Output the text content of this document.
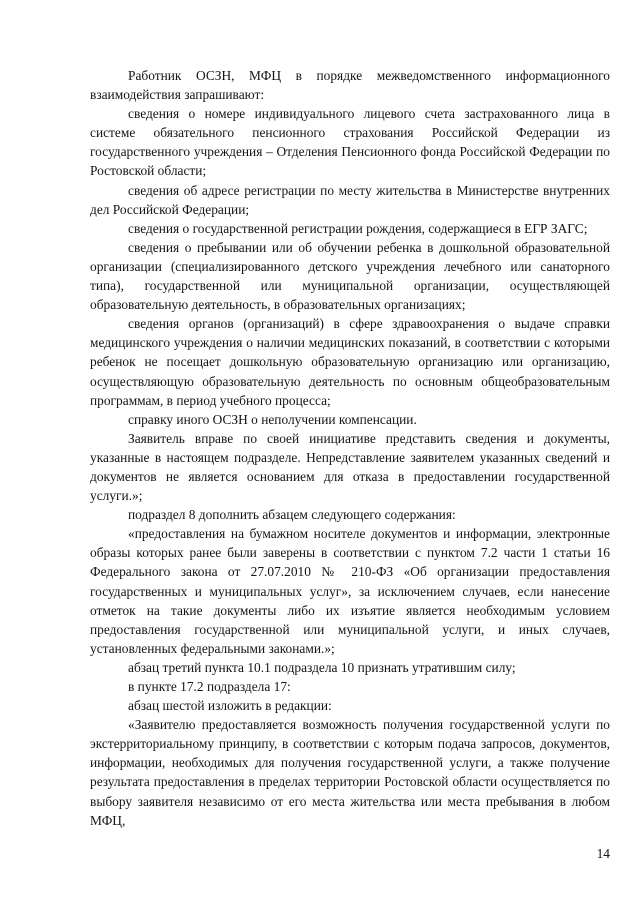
Работник ОСЗН, МФЦ в порядке межведомственного информационного взаимодействия запрашивают:

сведения о номере индивидуального лицевого счета застрахованного лица в системе обязательного пенсионного страхования Российской Федерации из государственного учреждения – Отделения Пенсионного фонда Российской Федерации по Ростовской области;

сведения об адресе регистрации по месту жительства в Министерстве внутренних дел Российской Федерации;

сведения о государственной регистрации рождения, содержащиеся в ЕГР ЗАГС;

сведения о пребывании или об обучении ребенка в дошкольной образовательной организации (специализированного детского учреждения лечебного или санаторного типа), государственной или муниципальной организации, осуществляющей образовательную деятельность, в образовательных организациях;

сведения органов (организаций) в сфере здравоохранения о выдаче справки медицинского учреждения о наличии медицинских показаний, в соответствии с которыми ребенок не посещает дошкольную образовательную организацию или организацию, осуществляющую образовательную деятельность по основным общеобразовательным программам, в период учебного процесса;

справку иного ОСЗН о неполучении компенсации.

Заявитель вправе по своей инициативе представить сведения и документы, указанные в настоящем подразделе. Непредставление заявителем указанных сведений и документов не является основанием для отказа в предоставлении государственной услуги.»;

подраздел 8 дополнить абзацем следующего содержания:

«предоставления на бумажном носителе документов и информации, электронные образы которых ранее были заверены в соответствии с пунктом 7.2 части 1 статьи 16 Федерального закона от 27.07.2010 № 210-ФЗ «Об организации предоставления государственных и муниципальных услуг», за исключением случаев, если нанесение отметок на такие документы либо их изъятие является необходимым условием предоставления государственной или муниципальной услуги, и иных случаев, установленных федеральными законами.»;

абзац третий пункта 10.1 подраздела 10 признать утратившим силу;

в пункте 17.2 подраздела 17:

абзац шестой изложить в редакции:

«Заявителю предоставляется возможность получения государственной услуги по экстерриториальному принципу, в соответствии с которым подача запросов, документов, информации, необходимых для получения государственной услуги, а также получение результата предоставления в пределах территории Ростовской области осуществляется по выбору заявителя независимо от его места жительства или места пребывания в любом МФЦ,

14
